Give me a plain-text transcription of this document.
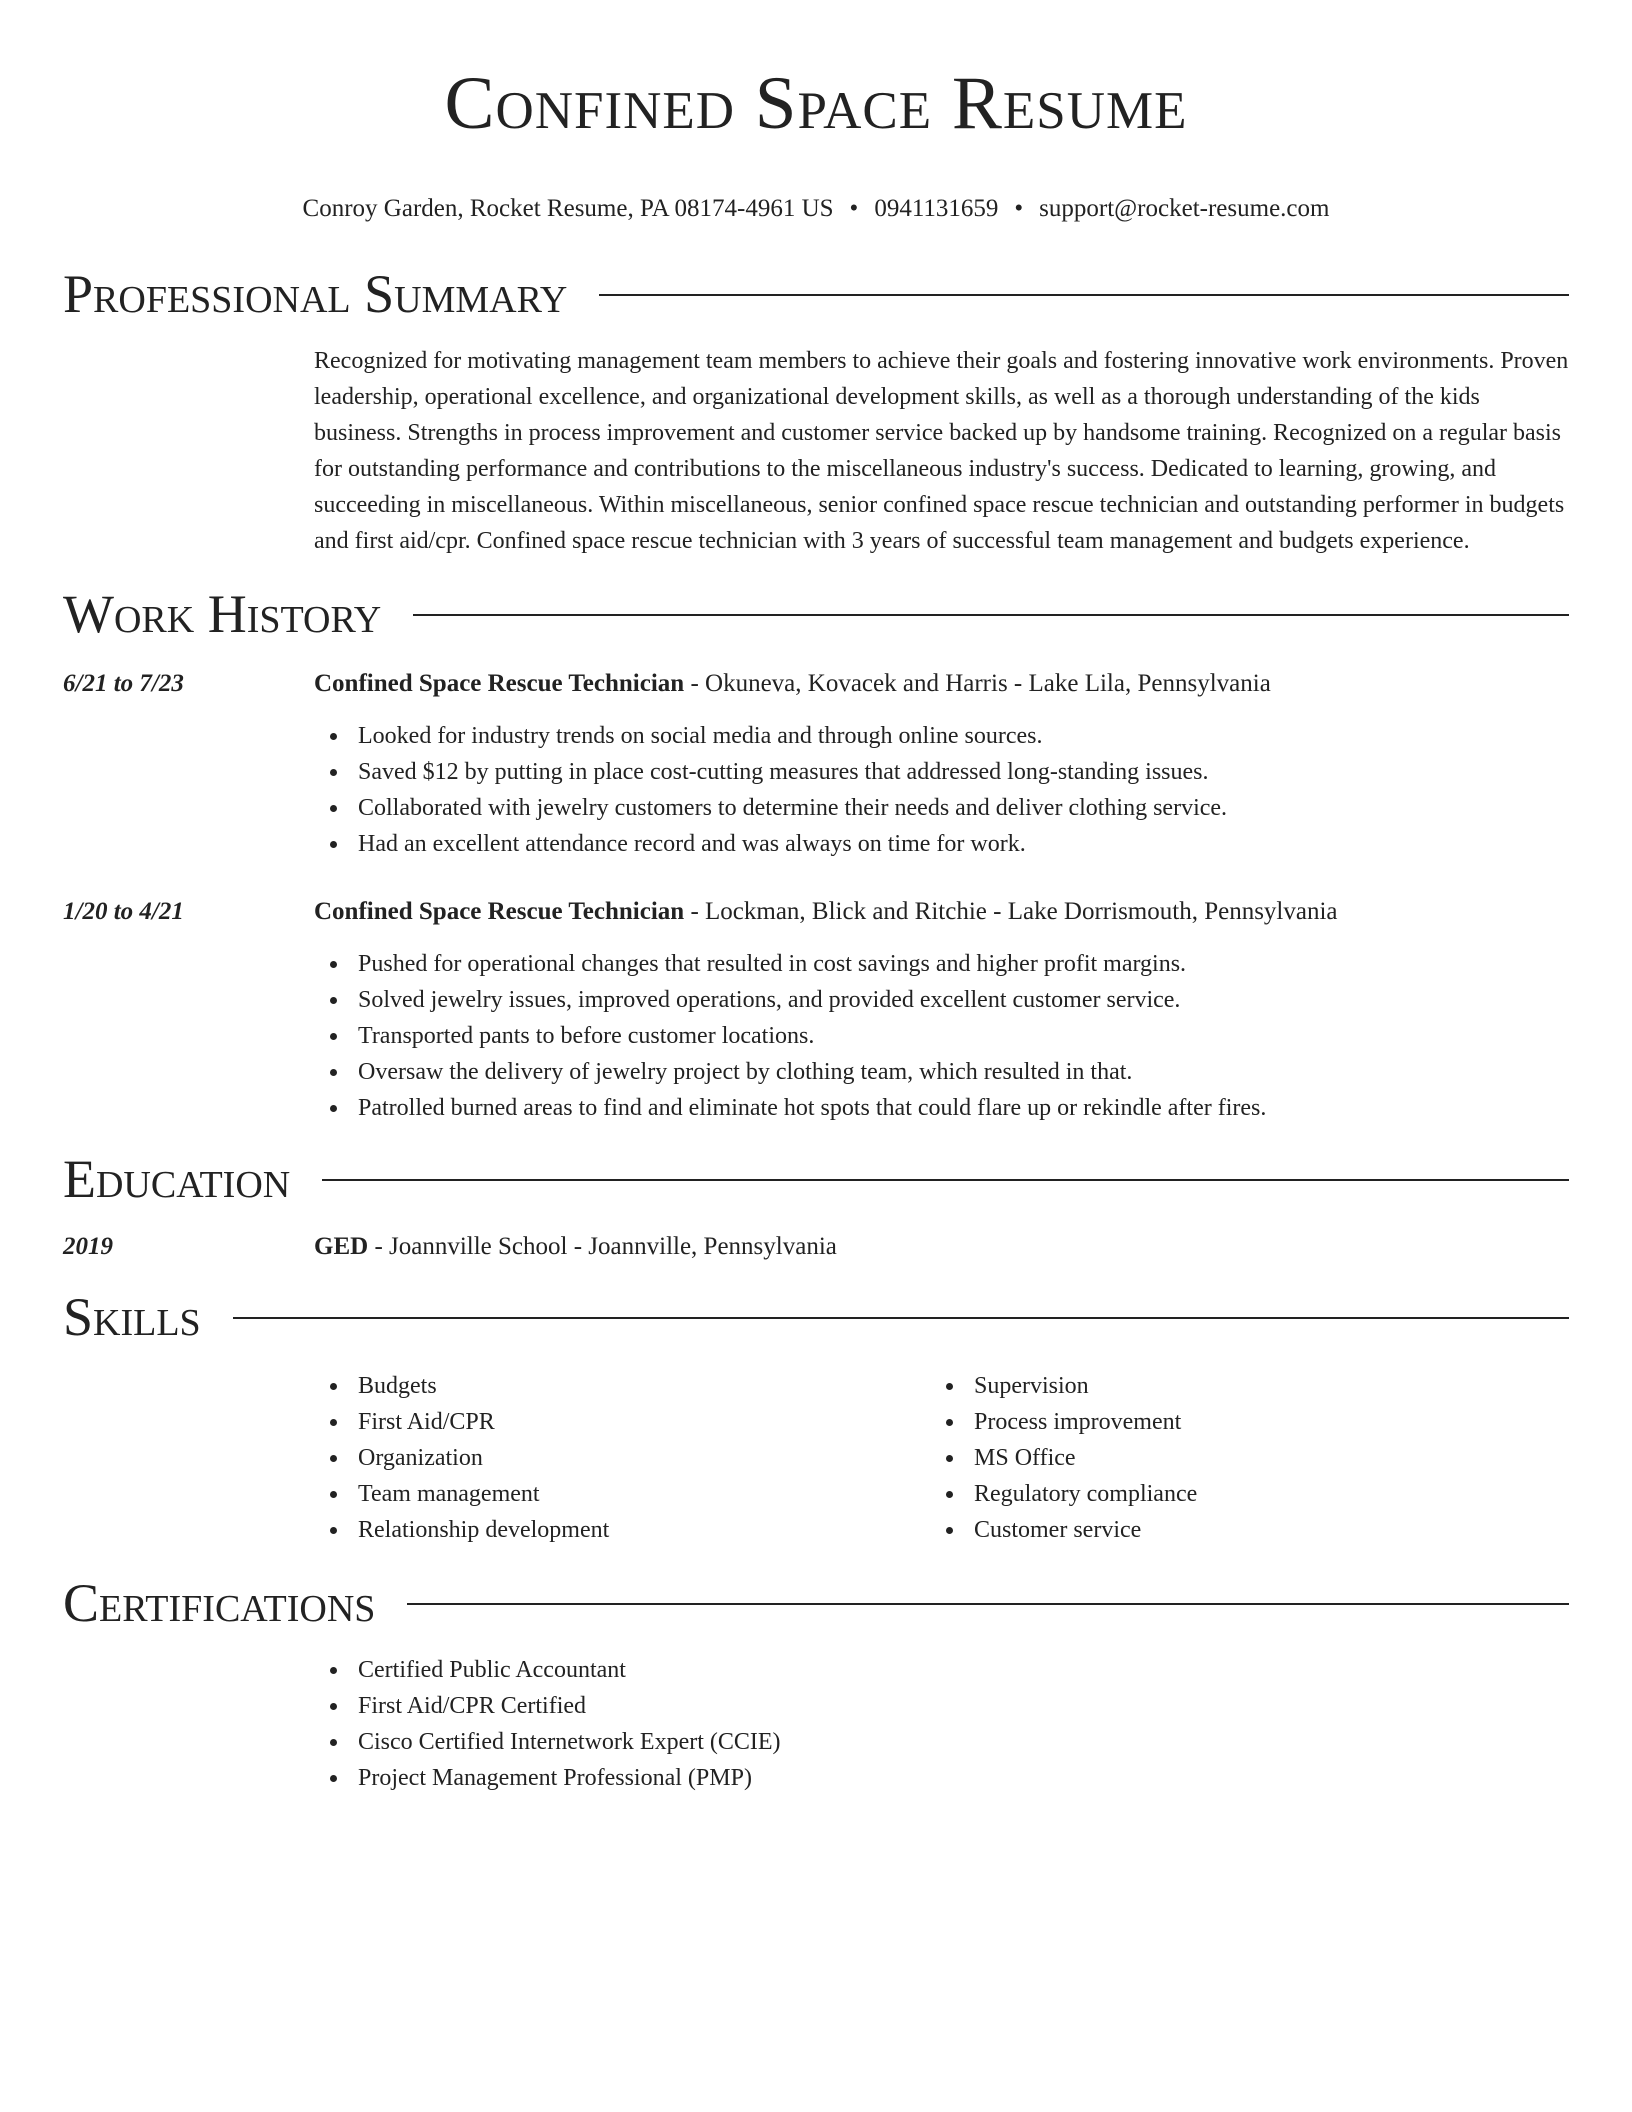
Confined Space Resume
Conroy Garden, Rocket Resume, PA 08174-4961 US • 0941131659 • support@rocket-resume.com
Professional Summary

Recognized for motivating management team members to achieve their goals and fostering innovative work environments. Proven leadership, operational excellence, and organizational development skills, as well as a thorough understanding of the kids business. Strengths in process improvement and customer service backed up by handsome training. Recognized on a regular basis for outstanding performance and contributions to the miscellaneous industry's success. Dedicated to learning, growing, and succeeding in miscellaneous. Within miscellaneous, senior confined space rescue technician and outstanding performer in budgets and first aid/cpr. Confined space rescue technician with 3 years of successful team management and budgets experience.

Work History
6/21 to 7/23	Confined Space Rescue Technician - Okuneva, Kovacek and Harris - Lake Lila, Pennsylvania
Looked for industry trends on social media and through online sources.
Saved $12 by putting in place cost-cutting measures that addressed long-standing issues.
Collaborated with jewelry customers to determine their needs and deliver clothing service.
Had an excellent attendance record and was always on time for work.
1/20 to 4/21	Confined Space Rescue Technician - Lockman, Blick and Ritchie - Lake Dorrismouth, Pennsylvania
Pushed for operational changes that resulted in cost savings and higher profit margins.
Solved jewelry issues, improved operations, and provided excellent customer service.
Transported pants to before customer locations.
Oversaw the delivery of jewelry project by clothing team, which resulted in that.
Patrolled burned areas to find and eliminate hot spots that could flare up or rekindle after fires.
Education
2019	GED - Joannville School - Joannville, Pennsylvania
Skills
Budgets
First Aid/CPR
Organization
Team management
Relationship development
Supervision
Process improvement
MS Office
Regulatory compliance
Customer service
Certifications
Certified Public Accountant
First Aid/CPR Certified
Cisco Certified Internetwork Expert (CCIE)
Project Management Professional (PMP)
